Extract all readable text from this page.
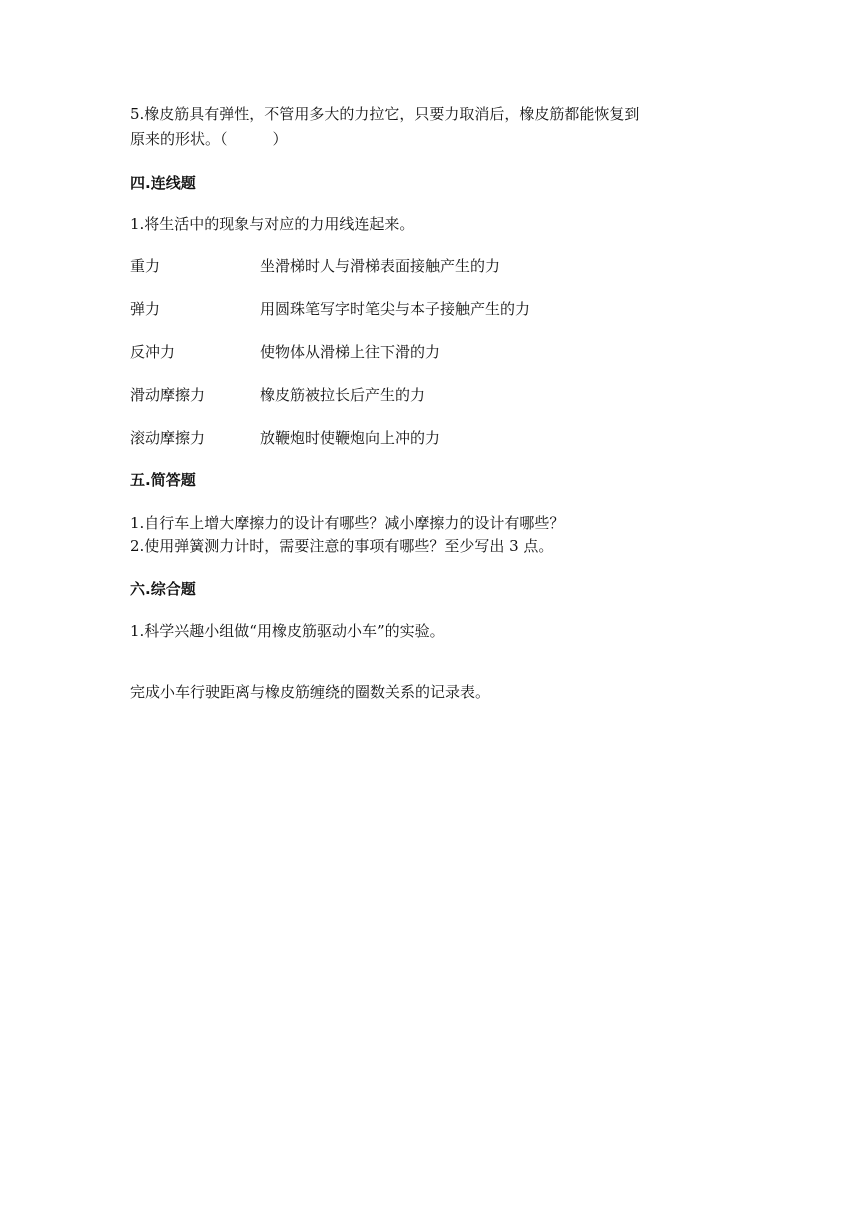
5.橡皮筋具有弹性，不管用多大的力拉它，只要力取消后，橡皮筋都能恢复到
原来的形状。（　　　）
四.连线题
1.将生活中的现象与对应的力用线连起来。
重力	坐滑梯时人与滑梯表面接触产生的力
弹力	用圆珠笔写字时笔尖与本子接触产生的力
反冲力	使物体从滑梯上往下滑的力
滑动摩擦力	橡皮筋被拉长后产生的力
滚动摩擦力	放鞭炮时使鞭炮向上冲的力
五.简答题
1.自行车上增大摩擦力的设计有哪些？减小摩擦力的设计有哪些？
2.使用弹簧测力计时，需要注意的事项有哪些？至少写出 3 点。
六.综合题
1.科学兴趣小组做“用橡皮筋驱动小车”的实验。
完成小车行驶距离与橡皮筋缠绕的圈数关系的记录表。
